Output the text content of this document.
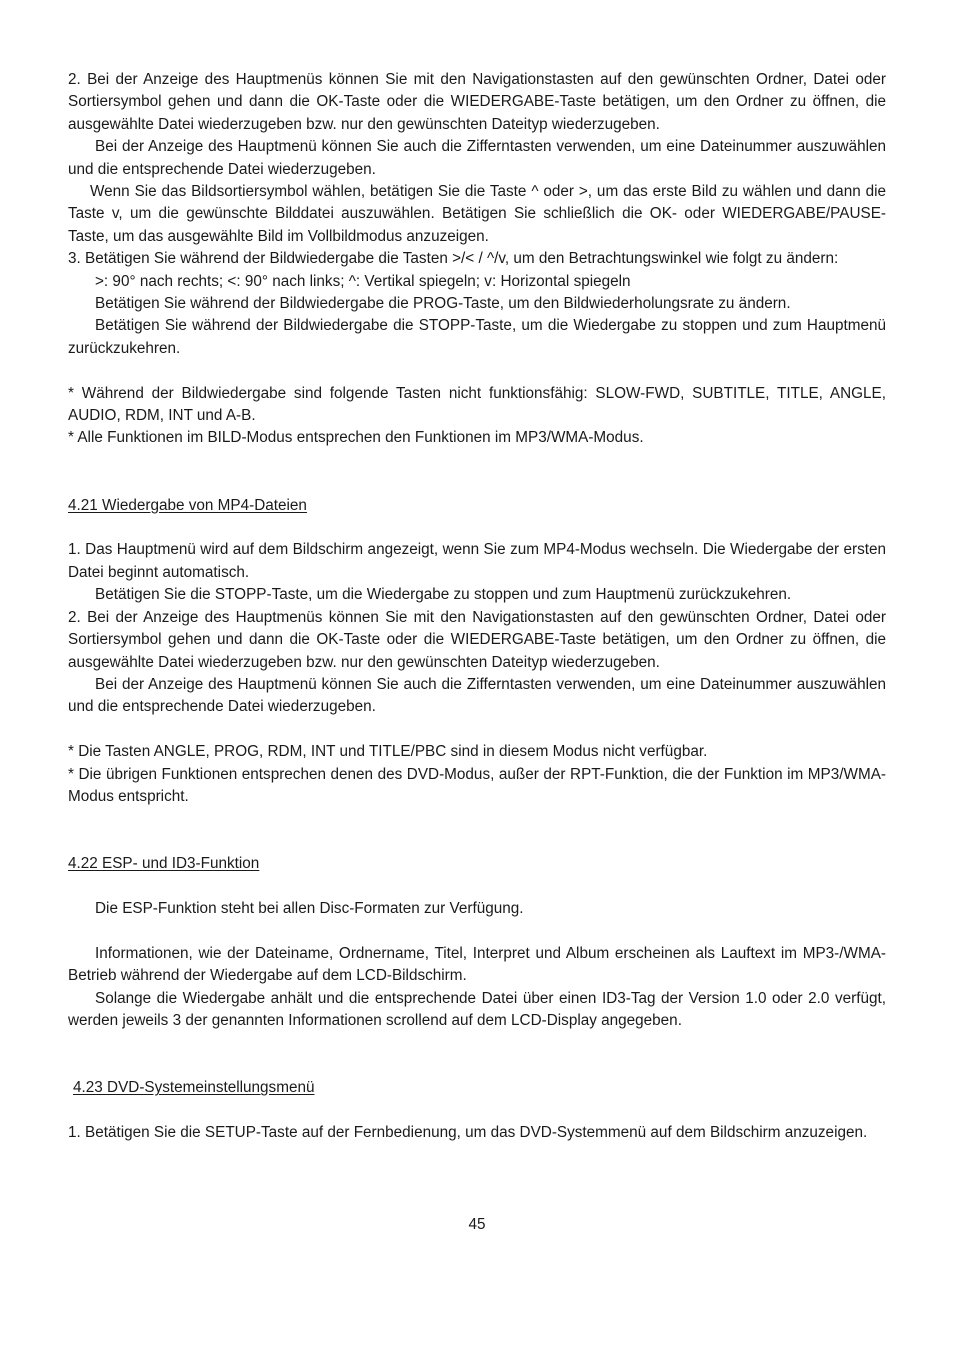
2. Bei der Anzeige des Hauptmenüs können Sie mit den Navigationstasten auf den gewünschten Ordner, Datei oder Sortiersymbol gehen und dann die OK-Taste oder die WIEDERGABE-Taste betätigen, um den Ordner zu öffnen, die ausgewählte Datei wiederzugeben bzw. nur den gewünschten Dateityp wiederzugeben.

Bei der Anzeige des Hauptmenü können Sie auch die Zifferntasten verwenden, um eine Dateinummer auszuwählen und die entsprechende Datei wiederzugeben.

Wenn Sie das Bildsortiersymbol wählen, betätigen Sie die Taste ^ oder >, um das erste Bild zu wählen und dann die Taste v, um die gewünschte Bilddatei auszuwählen. Betätigen Sie schließlich die OK- oder WIEDERGABE/PAUSE-Taste, um das ausgewählte Bild im Vollbildmodus anzuzeigen.

3. Betätigen Sie während der Bildwiedergabe die Tasten >/< / ^/v, um den Betrachtungswinkel wie folgt zu ändern:

>: 90° nach rechts; <: 90° nach links; ^: Vertikal spiegeln; v: Horizontal spiegeln

Betätigen Sie während der Bildwiedergabe die PROG-Taste, um den Bildwiederholungsrate zu ändern.

Betätigen Sie während der Bildwiedergabe die STOPP-Taste, um die Wiedergabe zu stoppen und zum Hauptmenü zurückzukehren.

* Während der Bildwiedergabe sind folgende Tasten nicht funktionsfähig: SLOW-FWD, SUBTITLE, TITLE, ANGLE, AUDIO, RDM, INT und A-B.

* Alle Funktionen im BILD-Modus entsprechen den Funktionen im MP3/WMA-Modus.

4.21 Wiedergabe von MP4-Dateien

1. Das Hauptmenü wird auf dem Bildschirm angezeigt, wenn Sie zum MP4-Modus wechseln. Die Wiedergabe der ersten Datei beginnt automatisch.

Betätigen Sie die STOPP-Taste, um die Wiedergabe zu stoppen und zum Hauptmenü zurückzukehren.

2. Bei der Anzeige des Hauptmenüs können Sie mit den Navigationstasten auf den gewünschten Ordner, Datei oder Sortiersymbol gehen und dann die OK-Taste oder die WIEDERGABE-Taste betätigen, um den Ordner zu öffnen, die ausgewählte Datei wiederzugeben bzw. nur den gewünschten Dateityp wiederzugeben.

Bei der Anzeige des Hauptmenü können Sie auch die Zifferntasten verwenden, um eine Dateinummer auszuwählen und die entsprechende Datei wiederzugeben.

* Die Tasten ANGLE, PROG, RDM, INT und TITLE/PBC sind in diesem Modus nicht verfügbar.

* Die übrigen Funktionen entsprechen denen des DVD-Modus, außer der RPT-Funktion, die der Funktion im MP3/WMA-Modus entspricht.

4.22 ESP- und ID3-Funktion

Die ESP-Funktion steht bei allen Disc-Formaten zur Verfügung.

Informationen, wie der Dateiname, Ordnername, Titel, Interpret und Album erscheinen als Lauftext im MP3-/WMA-Betrieb während der Wiedergabe auf dem LCD-Bildschirm.

Solange die Wiedergabe anhält und die entsprechende Datei über einen ID3-Tag der Version 1.0 oder 2.0 verfügt, werden jeweils 3 der genannten Informationen scrollend auf dem LCD-Display angegeben.

4.23 DVD-Systemeinstellungsmenü

1. Betätigen Sie die SETUP-Taste auf der Fernbedienung, um das DVD-Systemmenü auf dem Bildschirm anzuzeigen.

45
